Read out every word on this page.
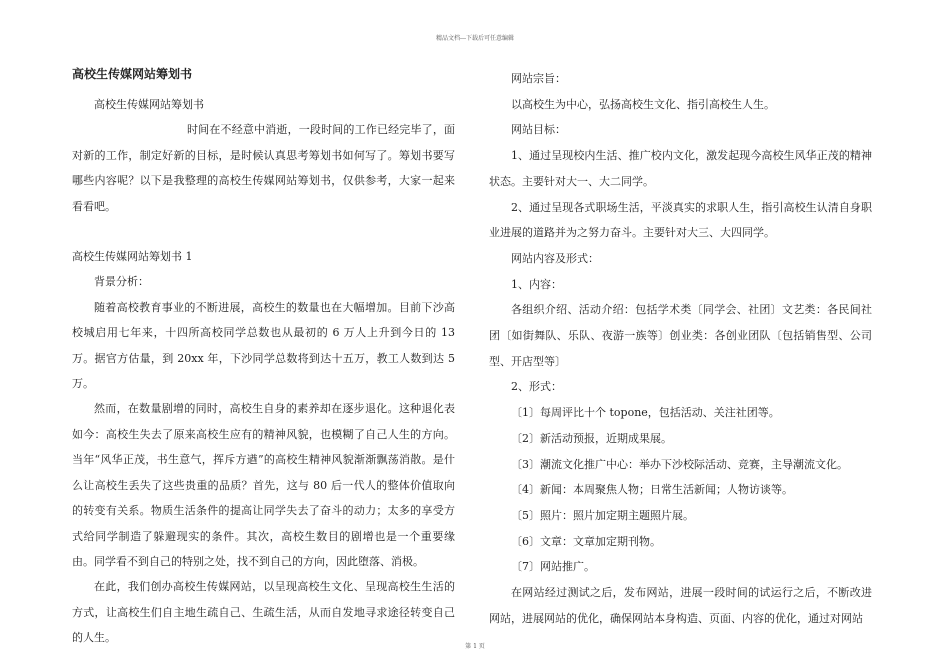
精品文档---下载后可任意编辑

高校生传媒网站筹划书

高校生传媒网站筹划书

时间在不经意中消逝，一段时间的工作已经完毕了，面对新的工作，制定好新的目标，是时候认真思考筹划书如何写了。筹划书要写哪些内容呢？以下是我整理的高校生传媒网站筹划书，仅供参考，大家一起来看看吧。

高校生传媒网站筹划书 1

背景分析：

随着高校教育事业的不断进展，高校生的数量也在大幅增加。目前下沙高校城启用七年来，十四所高校同学总数也从最初的 6 万人上升到今日的 13 万。据官方估量，到 20xx 年，下沙同学总数将到达十五万，教工人数到达 5 万。

然而，在数量剧增的同时，高校生自身的素养却在逐步退化。这种退化表如今：高校生失去了原来高校生应有的精神风貌，也模糊了自己人生的方向。当年“风华正茂，书生意气，挥斥方遒”的高校生精神风貌渐渐飘荡消散。是什么让高校生丢失了这些贵重的品质？首先，这与 80 后一代人的整体价值取向的转变有关系。物质生活条件的提高让同学失去了奋斗的动力；太多的享受方式给同学制造了躲避现实的条件。其次，高校生数目的剧增也是一个重要缘由。同学看不到自己的特别之处，找不到自己的方向，因此堕落、消极。

在此，我们创办高校生传媒网站，以呈现高校生文化、呈现高校生生活的方式，让高校生们自主地生疏自己、生疏生活，从而自发地寻求途径转变自己的人生。

网站宗旨：

以高校生为中心，弘扬高校生文化、指引高校生人生。

网站目标：

1、通过呈现校内生活、推广校内文化，激发起现今高校生风华正茂的精神状态。主要针对大一、大二同学。

2、通过呈现各式职场生活，平淡真实的求职人生，指引高校生认清自身职业进展的道路并为之努力奋斗。主要针对大三、大四同学。

网站内容及形式：

1、内容：

各组织介绍、活动介绍：包括学术类〔同学会、社团〕文艺类：各民间社团〔如街舞队、乐队、夜游一族等〕创业类：各创业团队〔包括销售型、公司型、开店型等〕

2、形式：

〔1〕每周评比十个 topone，包括活动、关注社团等。

〔2〕新活动预报，近期成果展。

〔3〕潮流文化推广中心：举办下沙校际活动、竞赛，主导潮流文化。

〔4〕新闻：本周聚焦人物；日常生活新闻；人物访谈等。

〔5〕照片：照片加定期主题照片展。

〔6〕文章：文章加定期刊物。

〔7〕网站推广。

在网站经过测试之后，发布网站，进展一段时间的试运行之后，不断改进网站，进展网站的优化，确保网站本身构造、页面、内容的优化，通过对网站

第 1 页
